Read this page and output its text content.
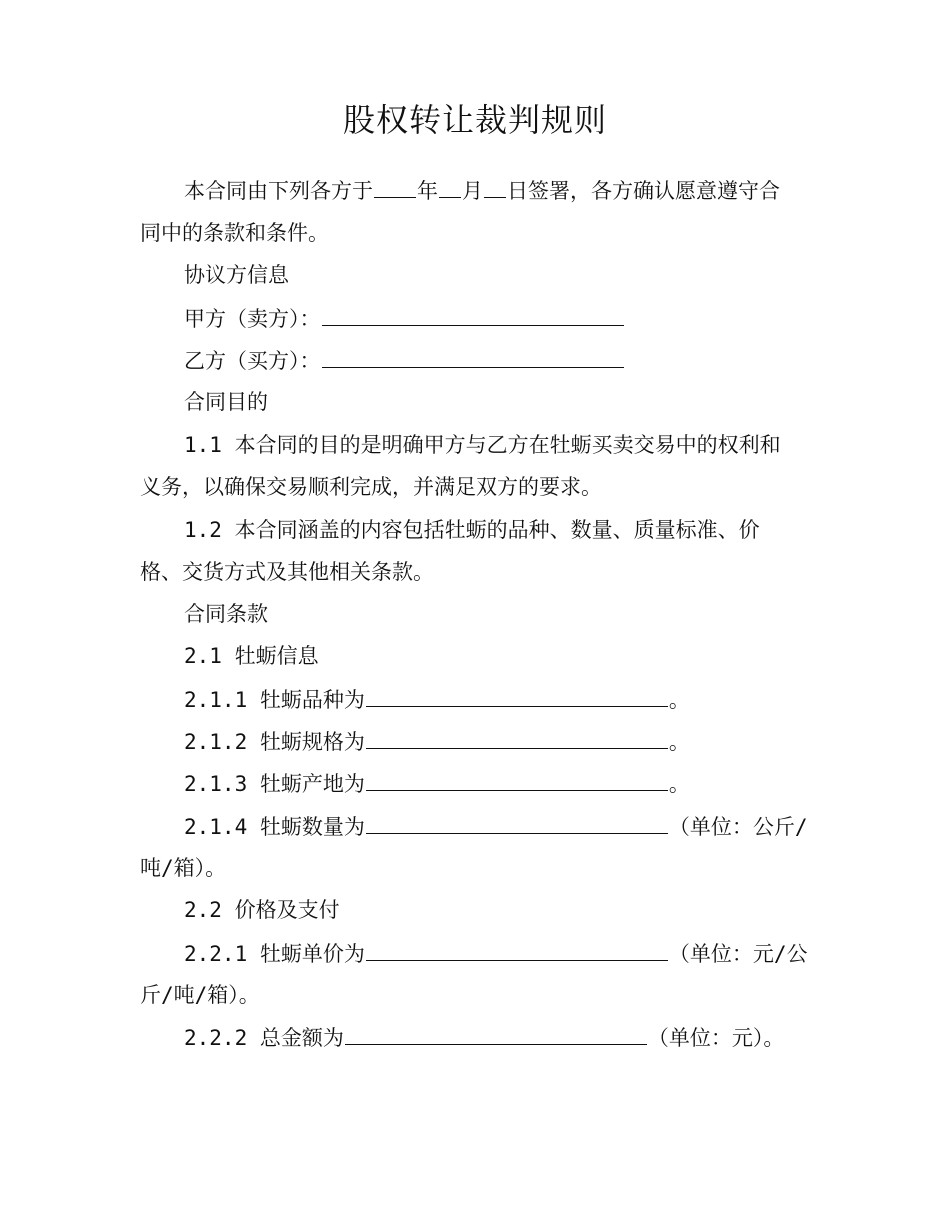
股权转让裁判规则
本合同由下列各方于 年 月 日签署，各方确认愿意遵守合
同中的条款和条件。
协议方信息
甲方（卖方）：
乙方（买方）：
合同目的
1.1 本合同的目的是明确甲方与乙方在牡蛎买卖交易中的权利和
义务，以确保交易顺利完成，并满足双方的要求。
1.2 本合同涵盖的内容包括牡蛎的品种、数量、质量标准、价
格、交货方式及其他相关条款。
合同条款
2.1 牡蛎信息
2.1.1 牡蛎品种为	。
2.1.2 牡蛎规格为	。
2.1.3 牡蛎产地为	。
2.1.4 牡蛎数量为	（单位：公斤/
吨/箱）。
2.2 价格及支付
2.2.1 牡蛎单价为	（单位：元/公
斤/吨/箱）。
2.2.2 总金额为	（单位：元）。
